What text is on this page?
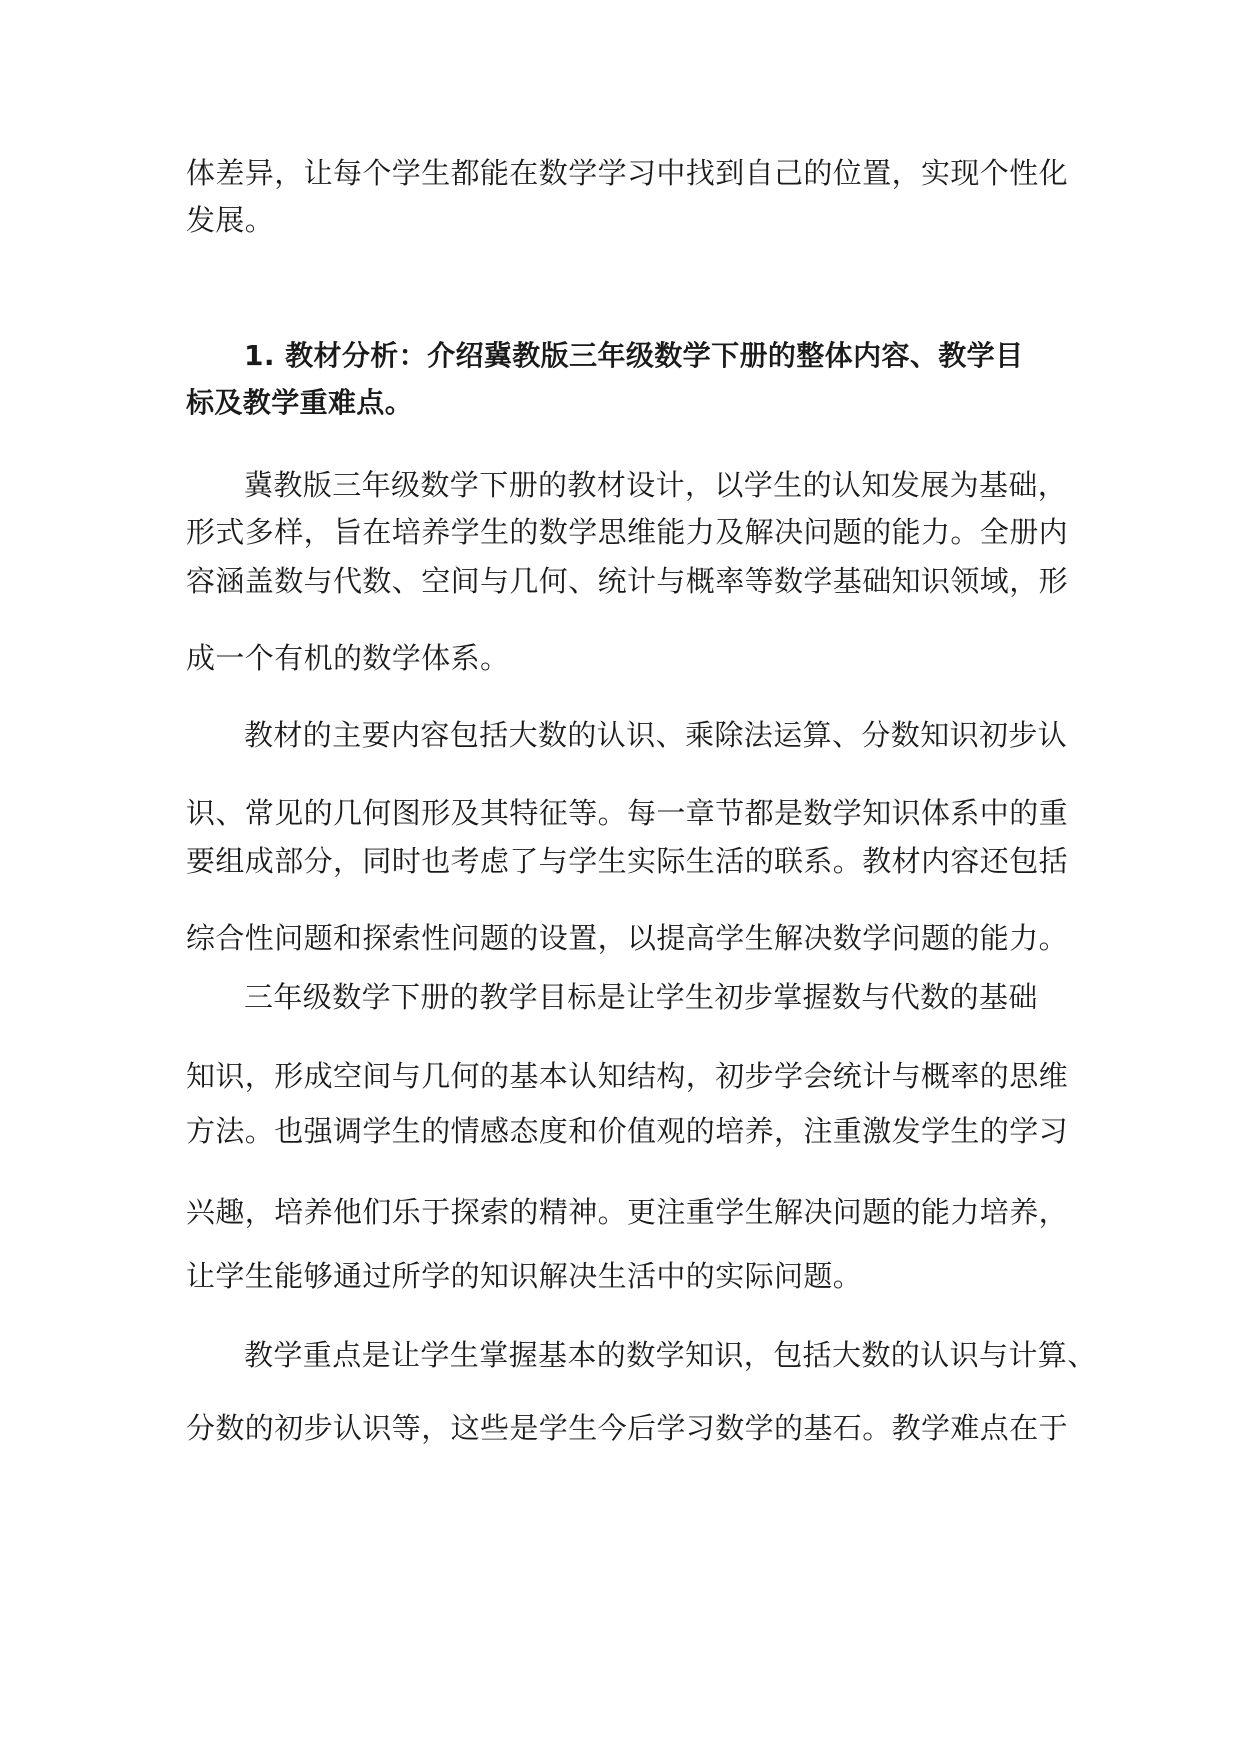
体差异，让每个学生都能在数学学习中找到自己的位置，实现个性化
发展。
1. 教材分析：介绍冀教版三年级数学下册的整体内容、教学目
标及教学重难点。
冀教版三年级数学下册的教材设计，以学生的认知发展为基础，
形式多样，旨在培养学生的数学思维能力及解决问题的能力。全册内
容涵盖数与代数、空间与几何、统计与概率等数学基础知识领域，形
成一个有机的数学体系。
教材的主要内容包括大数的认识、乘除法运算、分数知识初步认
识、常见的几何图形及其特征等。每一章节都是数学知识体系中的重
要组成部分，同时也考虑了与学生实际生活的联系。教材内容还包括
综合性问题和探索性问题的设置，以提高学生解决数学问题的能力。
三年级数学下册的教学目标是让学生初步掌握数与代数的基础
知识，形成空间与几何的基本认知结构，初步学会统计与概率的思维
方法。也强调学生的情感态度和价值观的培养，注重激发学生的学习
兴趣，培养他们乐于探索的精神。更注重学生解决问题的能力培养，
让学生能够通过所学的知识解决生活中的实际问题。
教学重点是让学生掌握基本的数学知识，包括大数的认识与计算、
分数的初步认识等，这些是学生今后学习数学的基石。教学难点在于
